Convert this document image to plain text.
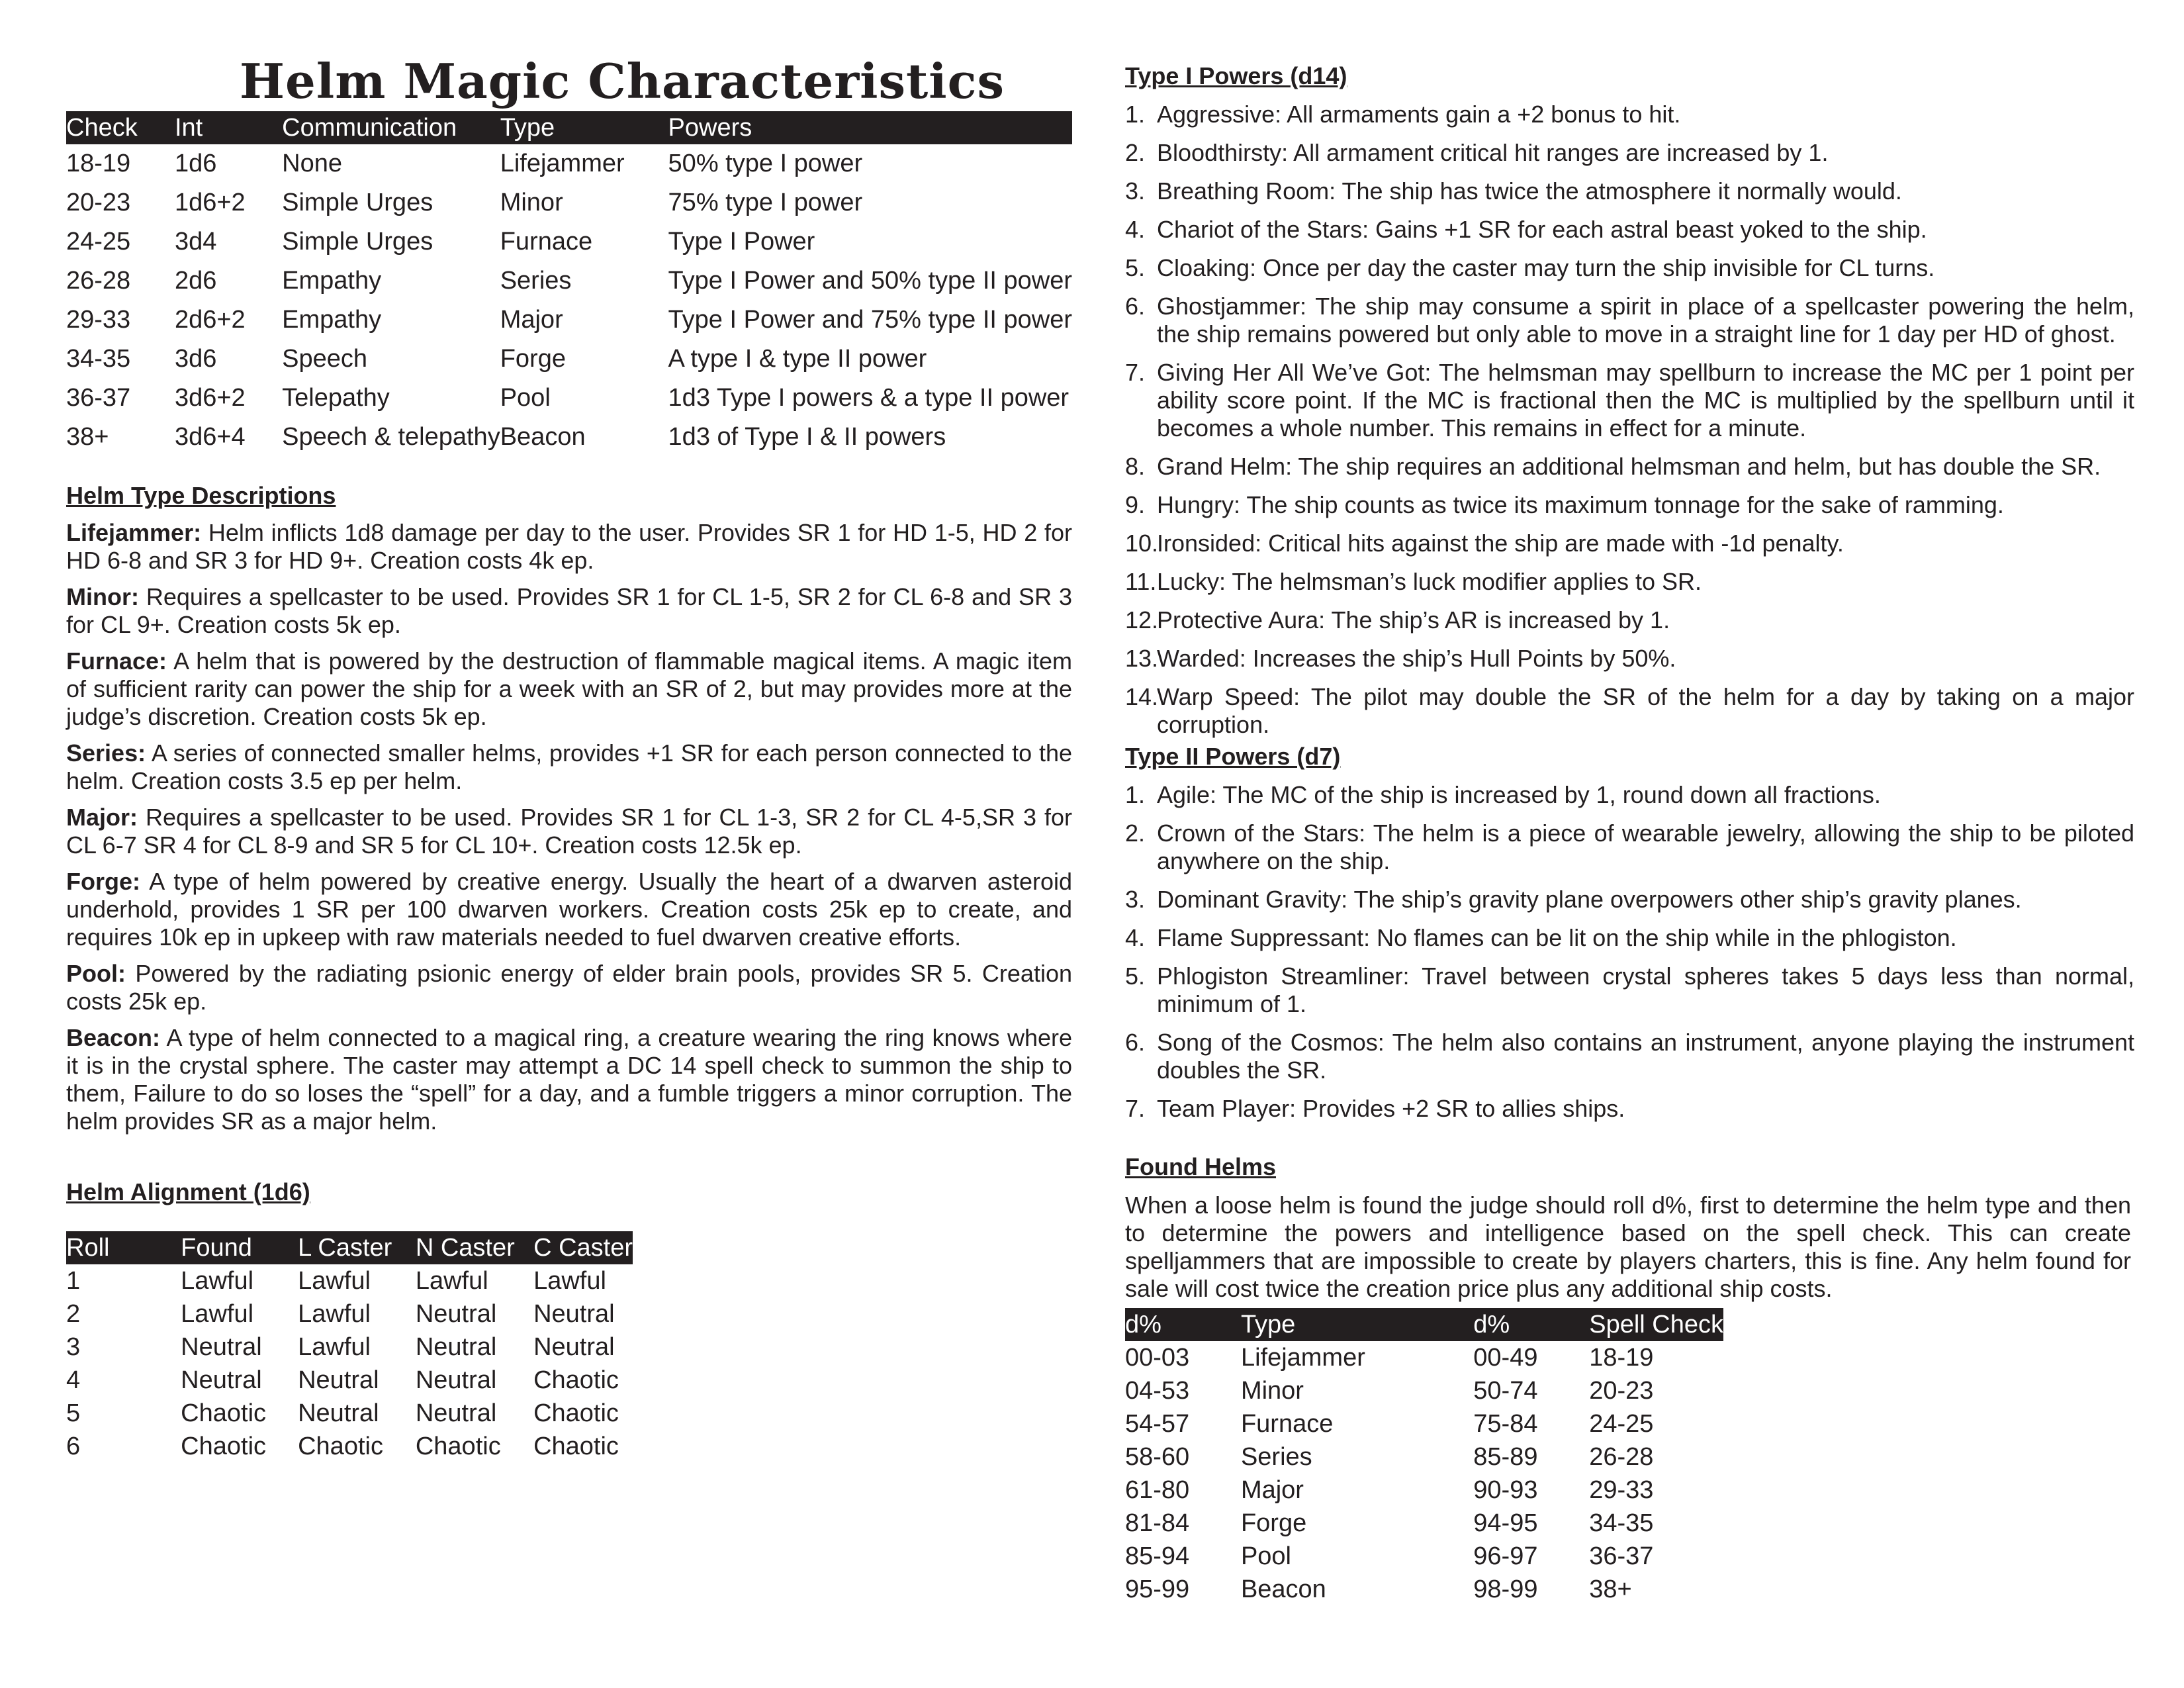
Helm Magic Characteristics
Check	Int	Communication	Type	Powers
18-19	1d6	None	Lifejammer	50% type I power
20-23	1d6+2	Simple Urges	Minor	75% type I power
24-25	3d4	Simple Urges	Furnace	Type I Power
26-28	2d6	Empathy	Series	Type I Power and 50% type II power
29-33	2d6+2	Empathy	Major	Type I Power and 75% type II power
34-35	3d6	Speech	Forge	A type I & type II power
36-37	3d6+2	Telepathy	Pool	1d3 Type I powers & a type II power
38+	3d6+4	Speech & telepathy	Beacon	1d3 of Type I & II powers
Helm Type Descriptions

Lifejammer: Helm inflicts 1d8 damage per day to the user. Provides SR 1 for HD 1-5, HD 2 for HD 6-8 and SR 3 for HD 9+. Creation costs 4k ep.

Minor: Requires a spellcaster to be used. Provides SR 1 for CL 1-5, SR 2 for CL 6-8 and SR 3 for CL 9+. Creation costs 5k ep.

Furnace: A helm that is powered by the destruction of flammable magical items. A magic item of sufficient rarity can power the ship for a week with an SR of 2, but may provides more at the judge’s discretion. Creation costs 5k ep.

Series: A series of connected smaller helms, provides +1 SR for each person connected to the helm. Creation costs 3.5 ep per helm.

Major: Requires a spellcaster to be used. Provides SR 1 for CL 1-3, SR 2 for CL 4-5,SR 3 for CL 6-7 SR 4 for CL 8-9 and SR 5 for CL 10+. Creation costs 12.5k ep.

Forge: A type of helm powered by creative energy. Usually the heart of a dwarven asteroid underhold, provides 1 SR per 100 dwarven workers. Creation costs 25k ep to create, and requires 10k ep in upkeep with raw materials needed to fuel dwarven creative efforts.

Pool: Powered by the radiating psionic energy of elder brain pools, provides SR 5. Creation costs 25k ep.

Beacon: A type of helm connected to a magical ring, a creature wearing the ring knows where it is in the crystal sphere. The caster may attempt a DC 14 spell check to summon the ship to them, Failure to do so loses the “spell” for a day, and a fumble triggers a minor corruption. The helm provides SR as a major helm.

Helm Alignment (1d6)
Roll	Found	L Caster	N Caster	C Caster
1	Lawful	Lawful	Lawful	Lawful
2	Lawful	Lawful	Neutral	Neutral
3	Neutral	Lawful	Neutral	Neutral
4	Neutral	Neutral	Neutral	Chaotic
5	Chaotic	Neutral	Neutral	Chaotic
6	Chaotic	Chaotic	Chaotic	Chaotic
Type I Powers (d14)
1. Aggressive: All armaments gain a +2 bonus to hit.
2. Bloodthirsty: All armament critical hit ranges are increased by 1.
3. Breathing Room: The ship has twice the atmosphere it normally would.
4. Chariot of the Stars: Gains +1 SR for each astral beast yoked to the ship.
5. Cloaking: Once per day the caster may turn the ship invisible for CL turns.
6. Ghostjammer: The ship may consume a spirit in place of a spellcaster powering the helm, the ship remains powered but only able to move in a straight line for 1 day per HD of ghost.
7. Giving Her All We’ve Got: The helmsman may spellburn to increase the MC per 1 point per ability score point. If the MC is fractional then the MC is multiplied by the spellburn until it becomes a whole number. This remains in effect for a minute.
8. Grand Helm: The ship requires an additional helmsman and helm, but has double the SR.
9. Hungry: The ship counts as twice its maximum tonnage for the sake of ramming.
10.
Ironsided: Critical hits against the ship are made with -1d penalty.
11. Lucky: The helmsman’s luck modifier applies to SR.
12.
Protective Aura: The ship’s AR is increased by 1.
13.
Warded: Increases the ship’s Hull Points by 50%.
14.
Warp Speed: The pilot may double the SR of the helm for a day by taking on a major corruption.
Type II Powers (d7)
1. Agile: The MC of the ship is increased by 1, round down all fractions.
2. Crown of the Stars: The helm is a piece of wearable jewelry, allowing the ship to be piloted anywhere on the ship.
3. Dominant Gravity: The ship’s gravity plane overpowers other ship’s gravity planes.
4. Flame Suppressant: No flames can be lit on the ship while in the phlogiston.
5. Phlogiston Streamliner: Travel between crystal spheres takes 5 days less than normal, minimum of 1.
6. Song of the Cosmos: The helm also contains an instrument, anyone playing the instrument doubles the SR.
7. Team Player: Provides +2 SR to allies ships.
Found Helms
When a loose helm is found the judge should roll d%, first to determine the helm type and then to determine the powers and intelligence based on the spell check. This can create spelljammers that are impossible to create by players charters, this is fine. Any helm found for sale will cost twice the creation price plus any additional ship costs.
d%	Type	d%	Spell Check
00-03	Lifejammer	00-49	18-19
04-53	Minor	50-74	20-23
54-57	Furnace	75-84	24-25
58-60	Series	85-89	26-28
61-80	Major	90-93	29-33
81-84	Forge	94-95	34-35
85-94	Pool	96-97	36-37
95-99	Beacon	98-99	38+
